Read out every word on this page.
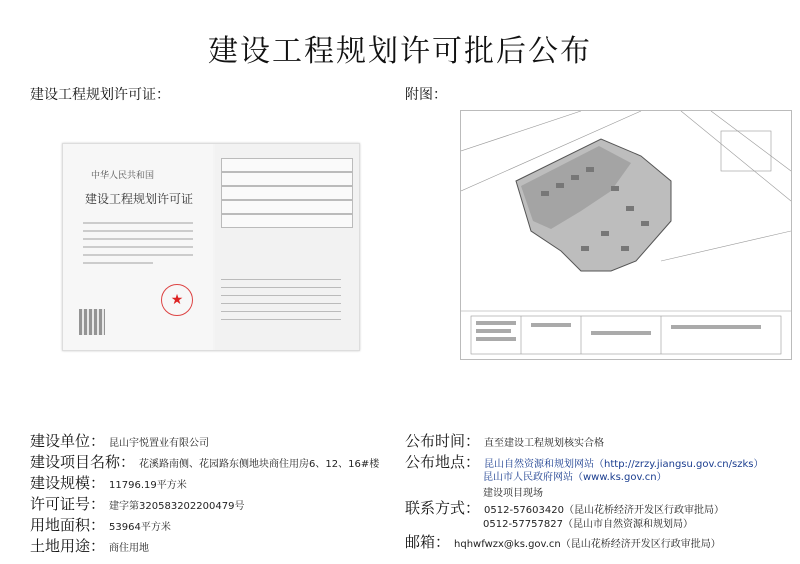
建设工程规划许可批后公布
建设工程规划许可证：	附图：
中华人民共和国
建设工程规划许可证
★
建设单位： 昆山宇悦置业有限公司
建设项目名称： 花溪路南侧、花园路东侧地块商住用房6、12、16#楼
建设规模： 11796.19平方米
许可证号： 建字第320583202200479号
用地面积： 53964平方米
土地用途： 商住用地
公布时间： 直至建设工程规划核实合格
公布地点： 昆山自然资源和规划网站（http://zrzy.jiangsu.gov.cn/szks）
昆山市人民政府网站（www.ks.gov.cn）
建设项目现场
联系方式： 0512-57603420（昆山花桥经济开发区行政审批局）
0512-57757827（昆山市自然资源和规划局）
邮箱： hqhwfwzx@ks.gov.cn（昆山花桥经济开发区行政审批局）
